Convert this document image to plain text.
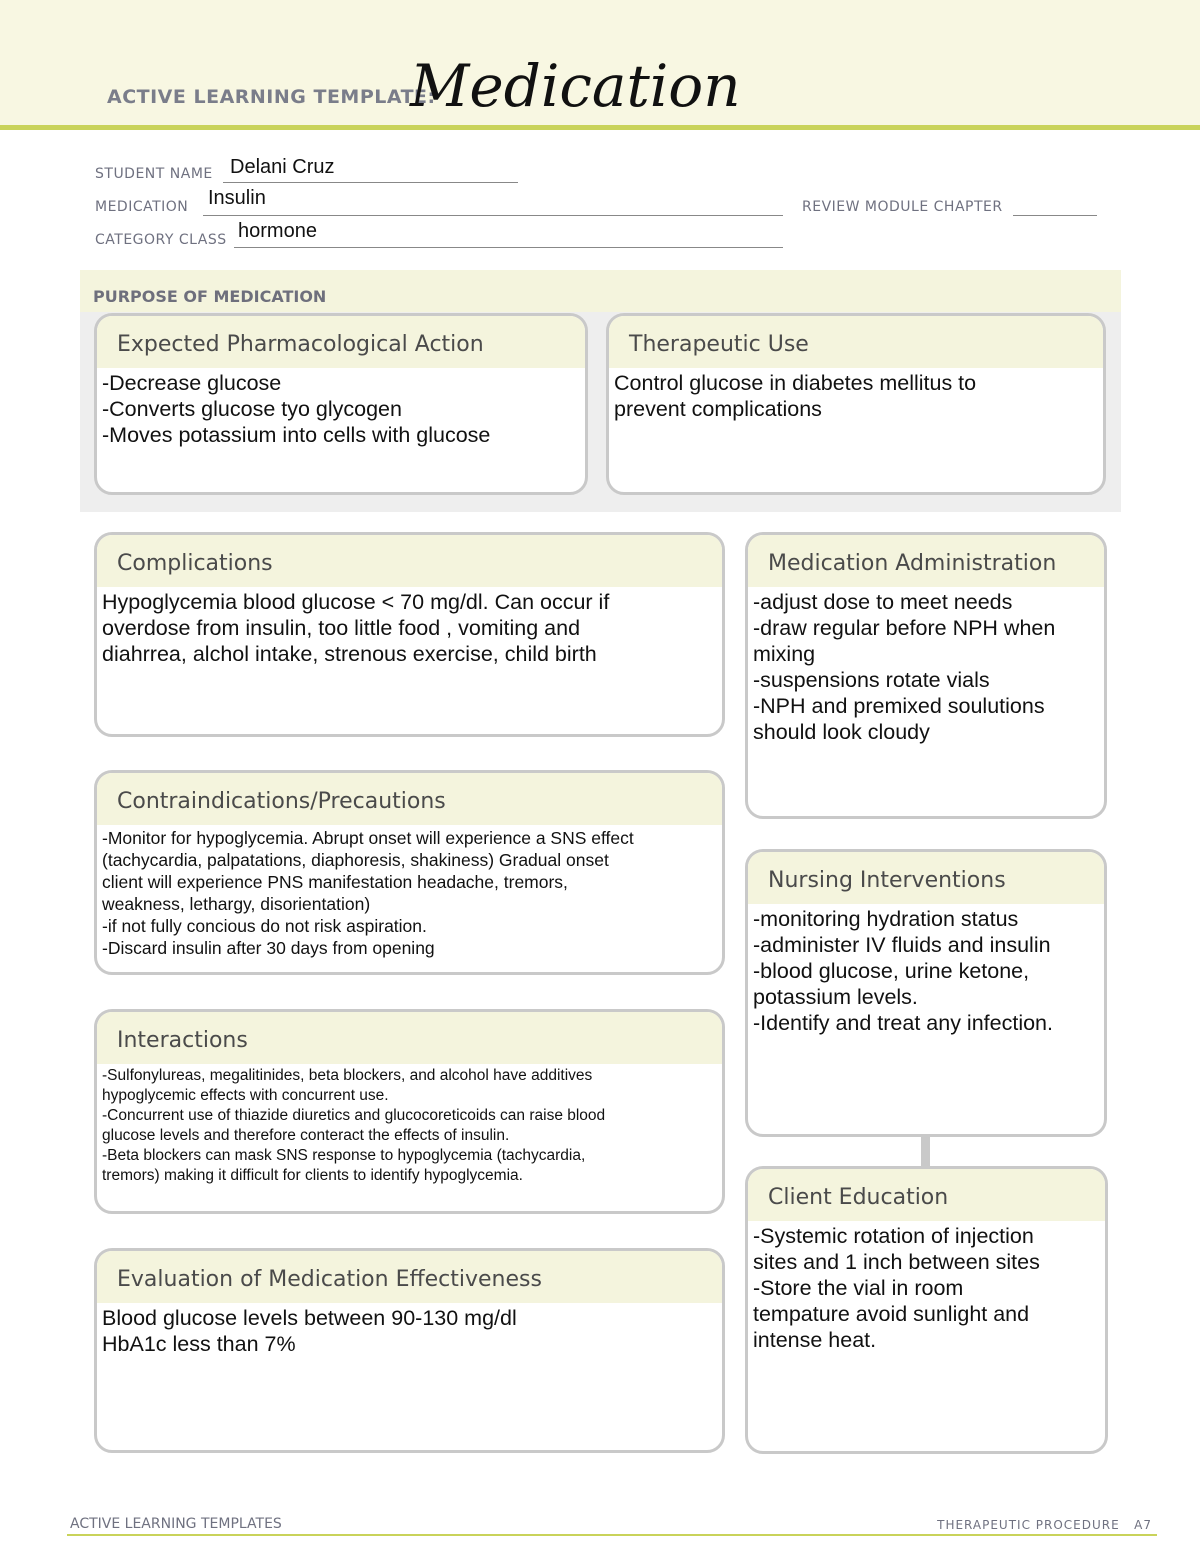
ACTIVE LEARNING TEMPLATE:
Medication
STUDENT NAME Delani Cruz
MEDICATION Insulin	REVIEW MODULE CHAPTER
CATEGORY CLASS hormone
PURPOSE OF MEDICATION
Expected Pharmacological Action
-Decrease glucose
-Converts glucose tyo glycogen
-Moves potassium into cells with glucose
Therapeutic Use
Control glucose in diabetes mellitus to
prevent complications
Complications
Hypoglycemia blood glucose < 70 mg/dl. Can occur if
overdose from insulin, too little food , vomiting and
diahrrea, alchol intake, strenous exercise, child birth
Contraindications/Precautions
-Monitor for hypoglycemia. Abrupt onset will experience a SNS effect
(tachycardia, palpatations, diaphoresis, shakiness) Gradual onset
client will experience PNS manifestation headache, tremors,
weakness, lethargy, disorientation)
-if not fully concious do not risk aspiration.
-Discard insulin after 30 days from opening
Interactions
-Sulfonylureas, megalitinides, beta blockers, and alcohol have additives
hypoglycemic effects with concurrent use.
-Concurrent use of thiazide diuretics and glucocoreticoids can raise blood
glucose levels and therefore conteract the effects of insulin.
-Beta blockers can mask SNS response to hypoglycemia (tachycardia,
tremors) making it difficult for clients to identify hypoglycemia.
Evaluation of Medication Effectiveness
Blood glucose levels between 90-130 mg/dl
HbA1c less than 7%
Medication Administration
-adjust dose to meet needs
-draw regular before NPH when
mixing
-suspensions rotate vials
-NPH and premixed soulutions
should look cloudy
Nursing Interventions
-monitoring hydration status
-administer IV fluids and insulin
-blood glucose, urine ketone,
potassium levels.
-Identify and treat any infection.
Client Education
-Systemic rotation of injection
sites and 1 inch between sites
-Store the vial in room
tempature avoid sunlight and
intense heat.
ACTIVE LEARNING TEMPLATES	THERAPEUTIC PROCEDURE A7
